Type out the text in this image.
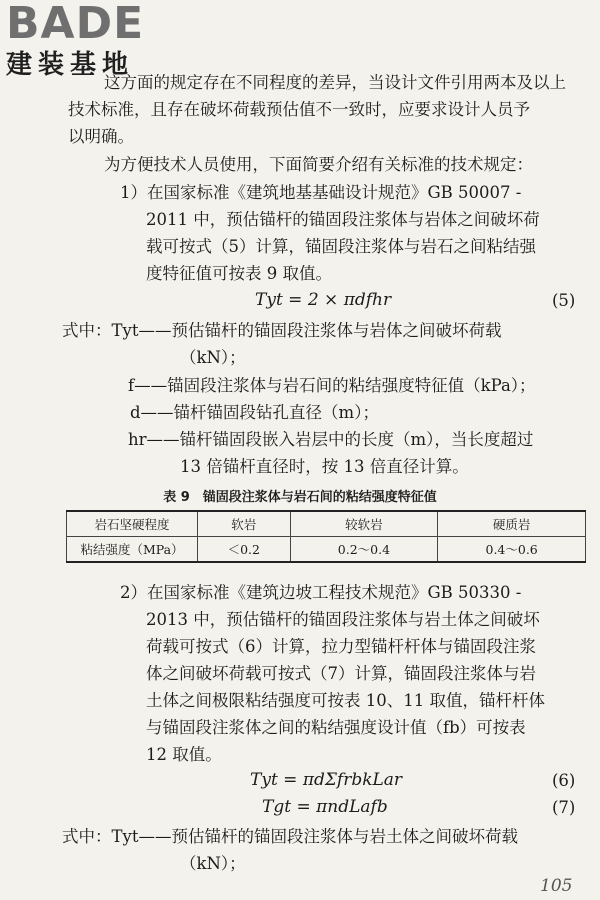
BADE
建装基地
这方面的规定存在不同程度的差异，当设计文件引用两本及以上
技术标准，且存在破坏荷载预估值不一致时，应要求设计人员予
以明确。
为方便技术人员使用，下面简要介绍有关标准的技术规定：
1）在国家标准《建筑地基基础设计规范》GB 50007 -
2011 中，预估锚杆的锚固段注浆体与岩体之间破坏荷
载可按式（5）计算，锚固段注浆体与岩石之间粘结强
度特征值可按表 9 取值。
Tyt = 2 × πdfhr	(5)
式中：Tyt——预估锚杆的锚固段注浆体与岩体之间破坏荷载
（kN）；
f——锚固段注浆体与岩石间的粘结强度特征值（kPa）；
d——锚杆锚固段钻孔直径（m）；
hr——锚杆锚固段嵌入岩层中的长度（m），当长度超过
13 倍锚杆直径时，按 13 倍直径计算。
表 9　锚固段注浆体与岩石间的粘结强度特征值
岩石坚硬程度	软岩	较软岩	硬质岩
粘结强度（MPa）	＜0.2	0.2～0.4	0.4～0.6
2）在国家标准《建筑边坡工程技术规范》GB 50330 -
2013 中，预估锚杆的锚固段注浆体与岩土体之间破坏
荷载可按式（6）计算，拉力型锚杆杆体与锚固段注浆
体之间破坏荷载可按式（7）计算，锚固段注浆体与岩
土体之间极限粘结强度可按表 10、11 取值，锚杆杆体
与锚固段注浆体之间的粘结强度设计值（fb）可按表
12 取值。
Tyt = πdΣfrbkLar	(6)
Tgt = πndLafb	(7)
式中：Tyt——预估锚杆的锚固段注浆体与岩土体之间破坏荷载
（kN）；
105
